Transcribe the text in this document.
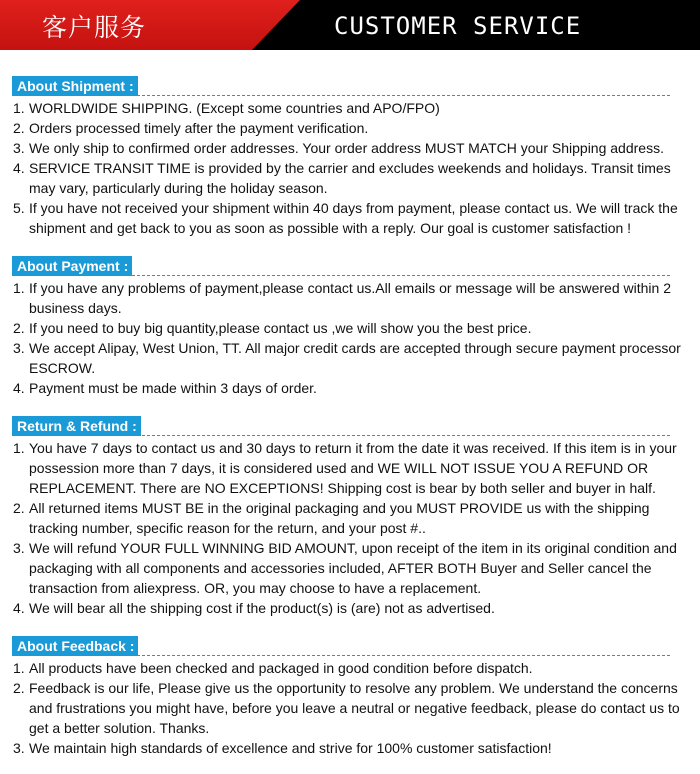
客户服务	CUSTOMER SERVICE
About Shipment :
1. WORLDWIDE SHIPPING. (Except some countries and APO/FPO)
2. Orders processed timely after the payment verification.
3. We only ship to confirmed order addresses. Your order address MUST MATCH your Shipping address.
4. SERVICE TRANSIT TIME is provided by the carrier and excludes weekends and holidays. Transit times may vary, particularly during the holiday season.
5. If you have not received your shipment within 40 days from payment, please contact us. We will track the shipment and get back to you as soon as possible with a reply. Our goal is customer satisfaction !
About Payment :
1. If you have any problems of payment,please contact us.All emails or message will be answered within 2 business days.
2. If you need to buy big quantity,please contact us ,we will show you the best price.
3. We accept Alipay, West Union, TT. All major credit cards are accepted through secure payment processor ESCROW.
4. Payment must be made within 3 days of order.
Return & Refund :
1. You have 7 days to contact us and 30 days to return it from the date it was received. If this item is in your possession more than 7 days, it is considered used and WE WILL NOT ISSUE YOU A REFUND OR REPLACEMENT. There are NO EXCEPTIONS! Shipping cost is bear by both seller and buyer in half.
2. All returned items MUST BE in the original packaging and you MUST PROVIDE us with the shipping tracking number, specific reason for the return, and your post #..
3. We will refund YOUR FULL WINNING BID AMOUNT, upon receipt of the item in its original condition and packaging with all components and accessories included, AFTER BOTH Buyer and Seller cancel the transaction from aliexpress. OR, you may choose to have a replacement.
4. We will bear all the shipping cost if the product(s) is (are) not as advertised.
About Feedback :
1. All products have been checked and packaged in good condition before dispatch.
2. Feedback is our life, Please give us the opportunity to resolve any problem. We understand the concerns and frustrations you might have, before you leave a neutral or negative feedback, please do contact us to get a better solution. Thanks.
3. We maintain high standards of excellence and strive for 100% customer satisfaction!
